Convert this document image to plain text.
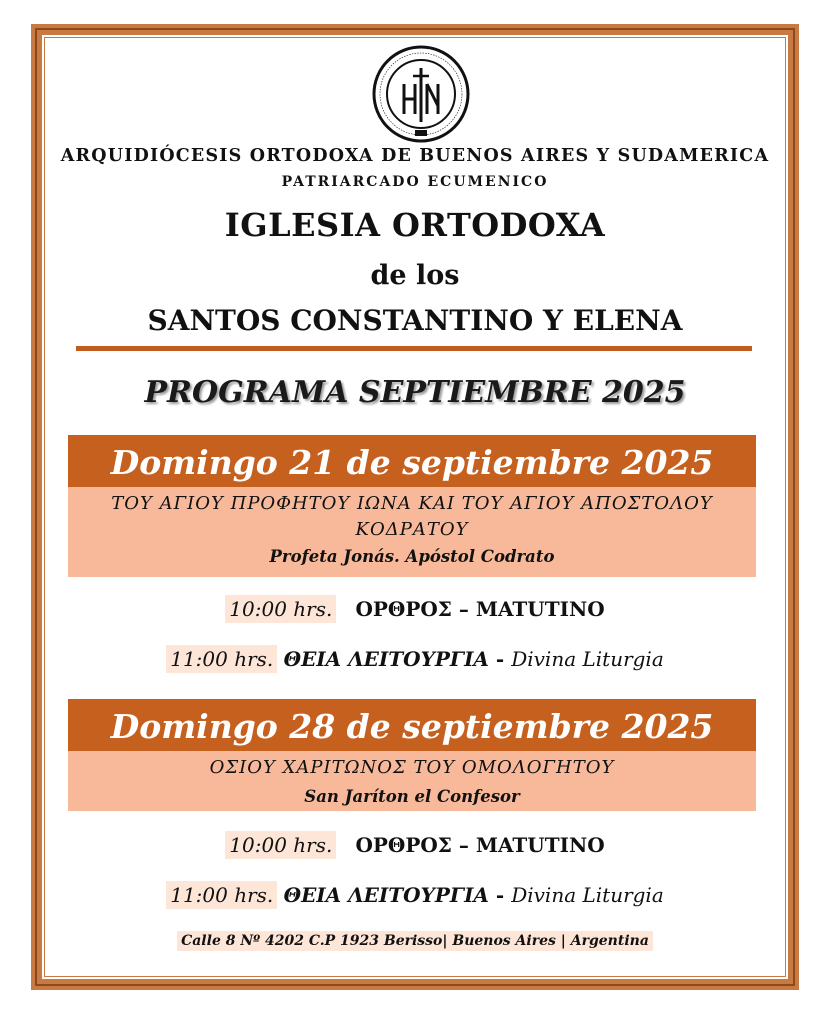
ARQUIDIÓCESIS ORTODOXA DE BUENOS AIRES Y SUDAMERICA
PATRIARCADO ECUMENICO
IGLESIA ORTODOXA
de los
SANTOS CONSTANTINO Y ELENA
PROGRAMA SEPTIEMBRE 2025
Domingo 21 de septiembre 2025
ΤΟΥ ΑΓΙΟΥ ΠΡΟΦΗΤΟΥ ΙΩΝΑ ΚΑΙ ΤΟΥ ΑΓΙΟΥ ΑΠΟΣΤΟΛΟΥ ΚΟΔΡΑΤΟΥ
Profeta Jonás. Apóstol Codrato
10:00 hrs. ΟΡΘΡΟΣ – MATUTINO
11:00 hrs. ΘΕΙΑ ΛΕΙΤΟΥΡΓΙΑ - Divina Liturgia
Domingo 28 de septiembre 2025
ΟΣΙΟΥ ΧΑΡΙΤΩΝΟΣ ΤΟΥ ΟΜΟΛΟΓΗΤΟΥ
San Jaríton el Confesor
10:00 hrs. ΟΡΘΡΟΣ – MATUTINO
11:00 hrs. ΘΕΙΑ ΛΕΙΤΟΥΡΓΙΑ - Divina Liturgia
Calle 8 Nº 4202 C.P 1923 Berisso| Buenos Aires | Argentina
